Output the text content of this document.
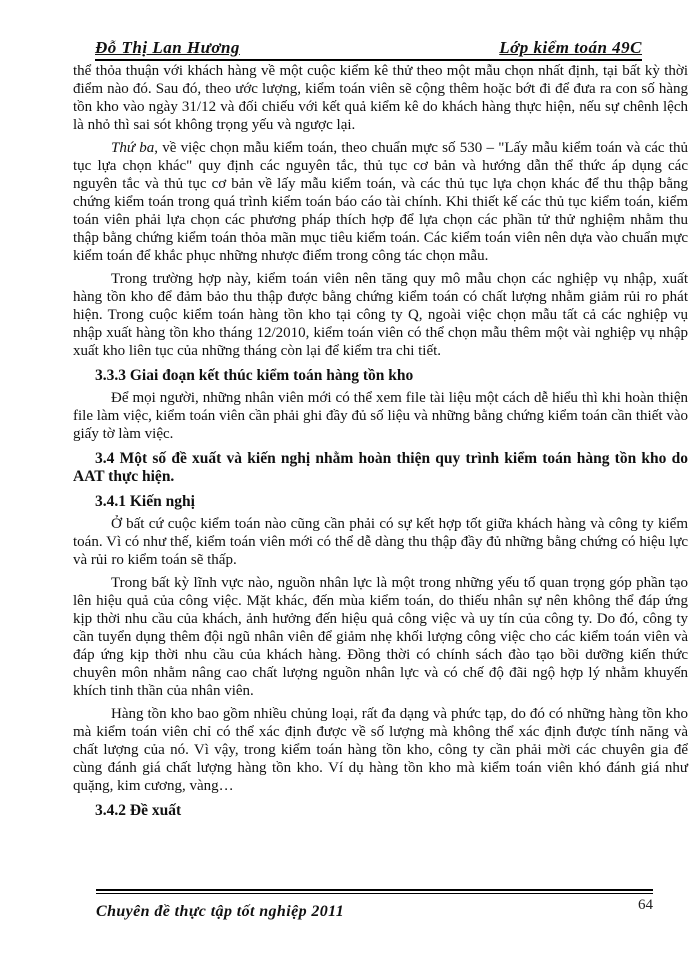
Đỗ Thị Lan Hương	Lớp kiểm toán 49C

thể thỏa thuận với khách hàng về một cuộc kiểm kê thử theo một mẫu chọn nhất định, tại bất kỳ thời điểm nào đó. Sau đó, theo ước lượng, kiểm toán viên sẽ cộng thêm hoặc bớt đi để đưa ra con số hàng tồn kho vào ngày 31/12 và đối chiếu với kết quả kiểm kê do khách hàng thực hiện, nếu sự chênh lệch là nhỏ thì sai sót không trọng yếu và ngược lại.

Thứ ba, về việc chọn mẫu kiểm toán, theo chuẩn mực số 530 – "Lấy mẫu kiểm toán và các thủ tục lựa chọn khác" quy định các nguyên tắc, thủ tục cơ bản và hướng dẫn thể thức áp dụng các nguyên tắc và thủ tục cơ bản về lấy mẫu kiểm toán, và các thủ tục lựa chọn khác để thu thập bằng chứng kiểm toán trong quá trình kiểm toán báo cáo tài chính. Khi thiết kế các thủ tục kiểm toán, kiểm toán viên phải lựa chọn các phương pháp thích hợp để lựa chọn các phần tử thử nghiệm nhằm thu thập bằng chứng kiểm toán thỏa mãn mục tiêu kiểm toán. Các kiểm toán viên nên dựa vào chuẩn mực kiểm toán để khắc phục những nhược điểm trong công tác chọn mẫu.

Trong trường hợp này, kiểm toán viên nên tăng quy mô mẫu chọn các nghiệp vụ nhập, xuất hàng tồn kho để đảm bảo thu thập được bằng chứng kiểm toán có chất lượng nhằm giảm rủi ro phát hiện. Trong cuộc kiểm toán hàng tồn kho tại công ty Q, ngoài việc chọn mẫu tất cả các nghiệp vụ nhập xuất hàng tồn kho tháng 12/2010, kiểm toán viên có thể chọn mẫu thêm một vài nghiệp vụ nhập xuất kho liên tục của những tháng còn lại để kiểm tra chi tiết.

3.3.3 Giai đoạn kết thúc kiểm toán hàng tồn kho

Để mọi người, những nhân viên mới có thể xem file tài liệu một cách dễ hiểu thì khi hoàn thiện file làm việc, kiểm toán viên cần phải ghi đầy đủ số liệu và những bằng chứng kiểm toán cần thiết vào giấy tờ làm việc.

3.4 Một số đề xuất và kiến nghị nhằm hoàn thiện quy trình kiểm toán hàng tồn kho do AAT thực hiện.
3.4.1 Kiến nghị

Ở bất cứ cuộc kiểm toán nào cũng cần phải có sự kết hợp tốt giữa khách hàng và công ty kiểm toán. Vì có như thế, kiểm toán viên mới có thể dễ dàng thu thập đầy đủ những bằng chứng có hiệu lực và rủi ro kiểm toán sẽ thấp.

Trong bất kỳ lĩnh vực nào, nguồn nhân lực là một trong những yếu tố quan trọng góp phần tạo lên hiệu quả của công việc. Mặt khác, đến mùa kiểm toán, do thiếu nhân sự nên không thể đáp ứng kịp thời nhu cầu của khách, ảnh hưởng đến hiệu quả công việc và uy tín của công ty. Do đó, công ty cần tuyển dụng thêm đội ngũ nhân viên để giảm nhẹ khối lượng công việc cho các kiểm toán viên và đáp ứng kịp thời nhu cầu của khách hàng. Đồng thời có chính sách đào tạo bồi dưỡng kiến thức chuyên môn nhằm nâng cao chất lượng nguồn nhân lực và có chế độ đãi ngộ hợp lý nhằm khuyến khích tinh thần của nhân viên.

Hàng tồn kho bao gồm nhiều chủng loại, rất đa dạng và phức tạp, do đó có những hàng tồn kho mà kiểm toán viên chỉ có thể xác định được về số lượng mà không thể xác định được tính năng và chất lượng của nó. Vì vậy, trong kiểm toán hàng tồn kho, công ty cần phải mời các chuyên gia để cùng đánh giá chất lượng hàng tồn kho. Ví dụ hàng tồn kho mà kiểm toán viên khó đánh giá như quặng, kim cương, vàng…

3.4.2 Đề xuất
Chuyên đề thực tập tốt nghiệp 2011	64
